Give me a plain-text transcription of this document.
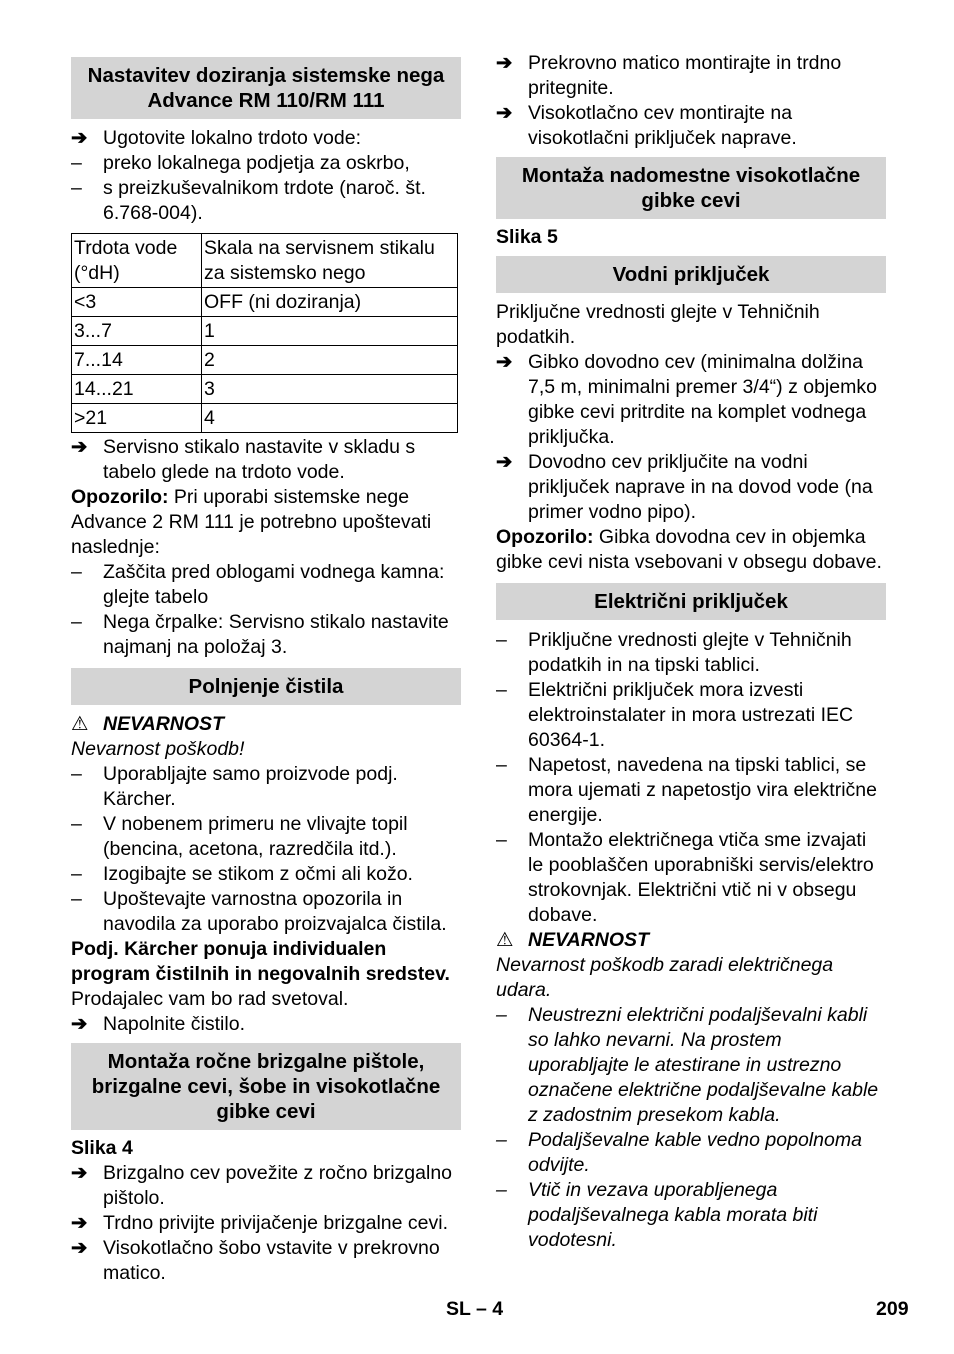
Nastavitev doziranja sistemske nega Advance RM 110/RM 111
➔ Ugotovite lokalno trdoto vode:
–	preko lokalnega podjetja za oskrbo,
–	s preizkuševalnikom trdote (naroč. št. 6.768-004).
Trdota vode (°dH)	Skala na servisnem stikalu za sistemsko nego
<3	OFF (ni doziranja)
3...7	1
7...14	2
14...21	3
>21	4
➔ Servisno stikalo nastavite v skladu s tabelo glede na trdoto vode.
Opozorilo: Pri uporabi sistemske nege Advance 2 RM 111 je potrebno upoštevati naslednje:
–	Zaščita pred oblogami vodnega kamna: glejte tabelo
–	Nega črpalke: Servisno stikalo nastavite najmanj na položaj 3.
Polnjenje čistila
⚠ NEVARNOST
Nevarnost poškodb!
–	Uporabljajte samo proizvode podj. Kärcher.
–	V nobenem primeru ne vlivajte topil (bencina, acetona, razredčila itd.).
–	Izogibajte se stikom z očmi ali kožo.
–	Upoštevajte varnostna opozorila in navodila za uporabo proizvajalca čistila.
Podj. Kärcher ponuja individualen program čistilnih in negovalnih sredstev.
Prodajalec vam bo rad svetoval.
➔ Napolnite čistilo.
Montaža ročne brizgalne pištole, brizgalne cevi, šobe in visokotlačne gibke cevi
Slika 4
➔ Brizgalno cev povežite z ročno brizgalno pištolo.
➔ Trdno privijte privijačenje brizgalne cevi.
➔ Visokotlačno šobo vstavite v prekrovno matico.
➔ Prekrovno matico montirajte in trdno pritegnite.
➔ Visokotlačno cev montirajte na visokotlačni priključek naprave.
Montaža nadomestne visokotlačne gibke cevi
Slika 5
Vodni priključek
Priključne vrednosti glejte v Tehničnih podatkih.
➔ Gibko dovodno cev (minimalna dolžina 7,5 m, minimalni premer 3/4“) z objemko gibke cevi pritrdite na komplet vodnega priključka.
➔ Dovodno cev priključite na vodni priključek naprave in na dovod vode (na primer vodno pipo).
Opozorilo: Gibka dovodna cev in objemka gibke cevi nista vsebovani v obsegu dobave.
Električni priključek
–	Priključne vrednosti glejte v Tehničnih podatkih in na tipski tablici.
–	Električni priključek mora izvesti elektroinstalater in mora ustrezati IEC 60364-1.
–	Napetost, navedena na tipski tablici, se mora ujemati z napetostjo vira električne energije.
–	Montažo električnega vtiča sme izvajati le pooblaščen uporabniški servis/elektro strokovnjak. Električni vtič ni v obsegu dobave.
⚠ NEVARNOST
Nevarnost poškodb zaradi električnega udara.
–	Neustrezni električni podaljševalni kabli so lahko nevarni. Na prostem uporabljajte le atestirane in ustrezno označene električne podaljševalne kable z zadostnim presekom kabla.
–	Podaljševalne kable vedno popolnoma odvijte.
–	Vtič in vezava uporabljenega podaljševalnega kabla morata biti vodotesni.
SL – 4	209
